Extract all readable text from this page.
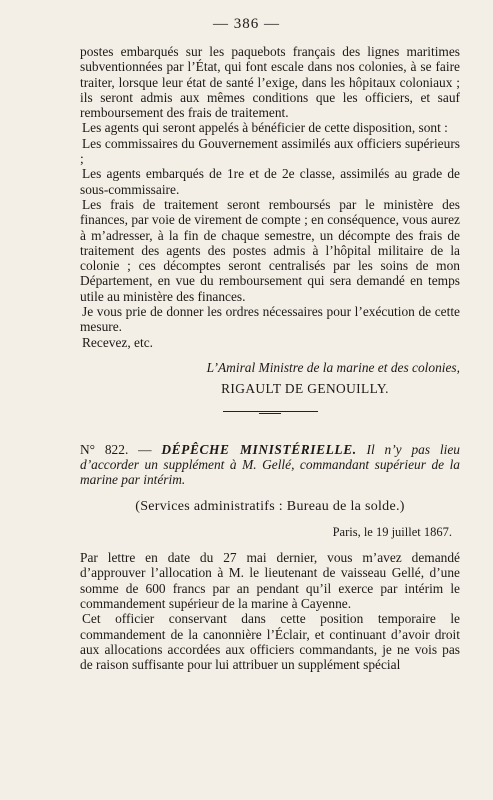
— 386 —

postes embarqués sur les paquebots français des lignes maritimes subventionnées par l’État, qui font escale dans nos colonies, à se faire traiter, lorsque leur état de santé l’exige, dans les hôpitaux coloniaux ; ils seront admis aux mêmes conditions que les officiers, et sauf remboursement des frais de traitement.

Les agents qui seront appelés à bénéficier de cette disposition, sont :

Les commissaires du Gouvernement assimilés aux officiers supérieurs ;

Les agents embarqués de 1re et de 2e classe, assimilés au grade de sous-commissaire.

Les frais de traitement seront remboursés par le ministère des finances, par voie de virement de compte ; en conséquence, vous aurez à m’adresser, à la fin de chaque semestre, un décompte des frais de traitement des agents des postes admis à l’hôpital militaire de la colonie ; ces décomptes seront centralisés par les soins de mon Département, en vue du remboursement qui sera demandé en temps utile au ministère des finances.

Je vous prie de donner les ordres nécessaires pour l’exécution de cette mesure.

Recevez, etc.

L’Amiral Ministre de la marine et des colonies,

RIGAULT DE GENOUILLY.

N° 822. — DÉPÊCHE MINISTÉRIELLE. Il n’y pas lieu d’accorder un supplément à M. Gellé, commandant supérieur de la marine par intérim.

(Services administratifs : Bureau de la solde.)

Paris, le 19 juillet 1867.

Par lettre en date du 27 mai dernier, vous m’avez demandé d’approuver l’allocation à M. le lieutenant de vaisseau Gellé, d’une somme de 600 francs par an pendant qu’il exerce par intérim le commandement supérieur de la marine à Cayenne.

Cet officier conservant dans cette position temporaire le commandement de la canonnière l’Éclair, et continuant d’avoir droit aux allocations accordées aux officiers commandants, je ne vois pas de raison suffisante pour lui attribuer un supplément spécial
